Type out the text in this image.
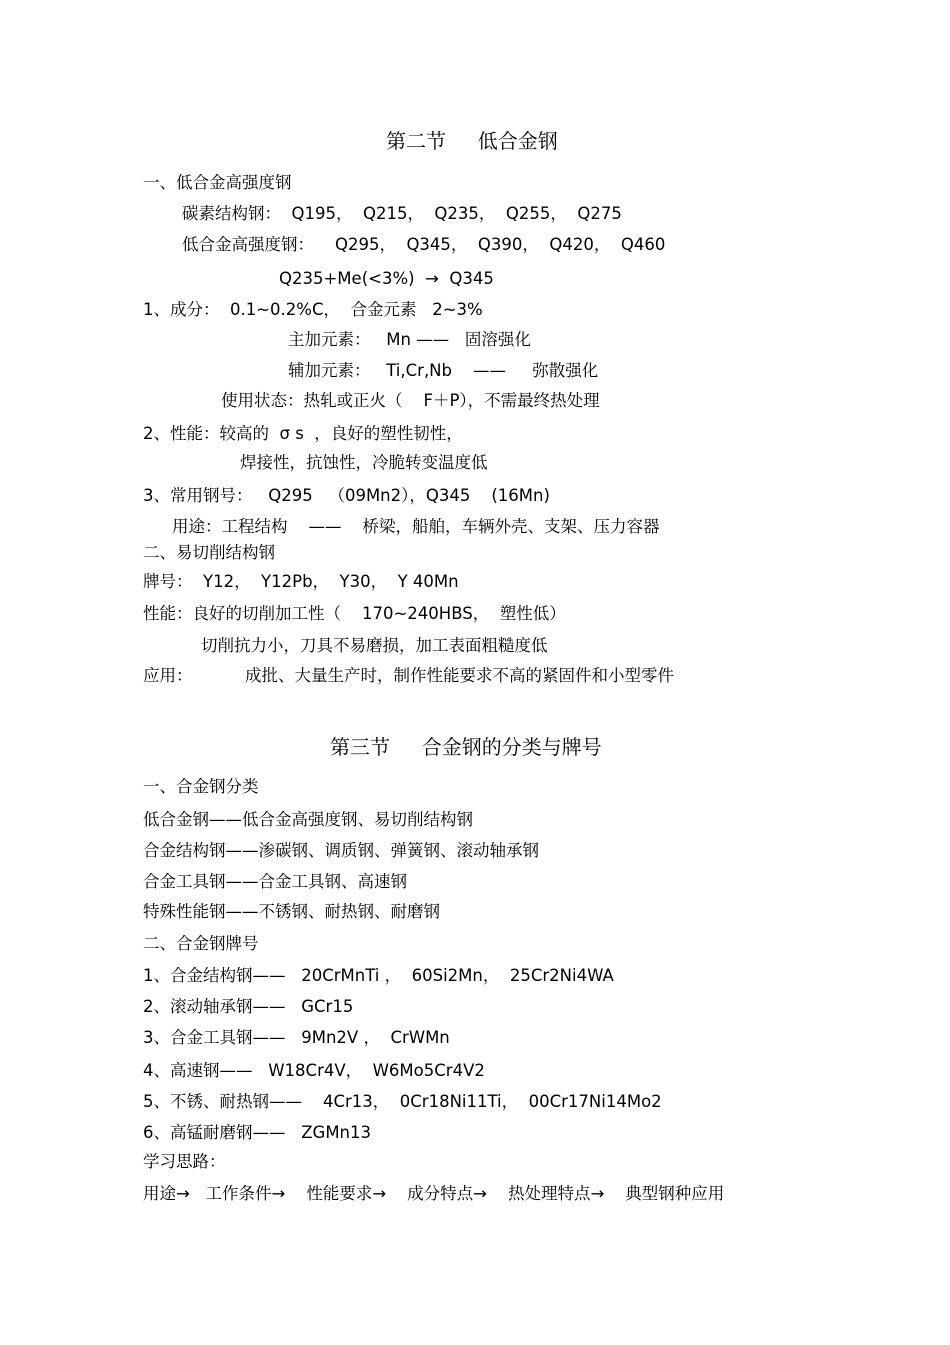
第二节     低合金钢
一、低合金高强度钢
碳素结构钢：  Q195，  Q215，  Q235，  Q255，  Q275
低合金高强度钢：    Q295，  Q345，  Q390，  Q420，  Q460
Q235+Me(<3%)  →  Q345
1、成分：  0.1~0.2%C，  合金元素   2~3%
主加元素：   Mn ——   固溶强化
辅加元素：   Ti,Cr,Nb    ——     弥散强化
使用状态：热轧或正火（    F＋P），不需最终热处理
2、性能：较高的  σ s  ，良好的塑性韧性，
焊接性，抗蚀性，冷脆转变温度低
3、常用钢号：   Q295   （09Mn2），Q345    (16Mn)
用途：工程结构    ——    桥梁，船舶，车辆外壳、支架、压力容器
二、易切削结构钢
牌号：  Y12，  Y12Pb，  Y30，  Y 40Mn
性能：良好的切削加工性（    170~240HBS，  塑性低）
切削抗力小，刀具不易磨损，加工表面粗糙度低
应用：          成批、大量生产时，制作性能要求不高的紧固件和小型零件
第三节     合金钢的分类与牌号
一、合金钢分类
低合金钢——低合金高强度钢、易切削结构钢
合金结构钢——渗碳钢、调质钢、弹簧钢、滚动轴承钢
合金工具钢——合金工具钢、高速钢
特殊性能钢——不锈钢、耐热钢、耐磨钢
二、合金钢牌号
1、合金结构钢——   20CrMnTi ，  60Si2Mn，  25Cr2Ni4WA
2、滚动轴承钢——   GCr15
3、合金工具钢——   9Mn2V ，  CrWMn
4、高速钢——   W18Cr4V，  W6Mo5Cr4V2
5、不锈、耐热钢——    4Cr13，  0Cr18Ni11Ti，  00Cr17Ni14Mo2
6、高锰耐磨钢——   ZGMn13
学习思路：
用途→   工作条件→    性能要求→    成分特点→    热处理特点→    典型钢种应用
